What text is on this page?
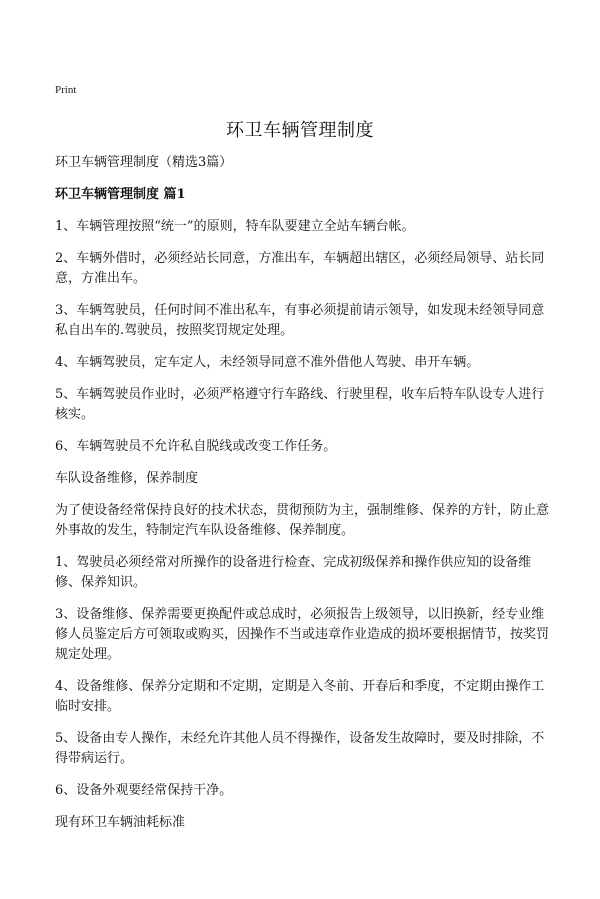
Print

环卫车辆管理制度

环卫车辆管理制度（精选3篇）

环卫车辆管理制度 篇1

1、车辆管理按照“统一”的原则，特车队要建立全站车辆台帐。

2、车辆外借时，必须经站长同意，方准出车，车辆超出辖区，必须经局领导、站长同意，方准出车。

3、车辆驾驶员，任何时间不准出私车，有事必须提前请示领导，如发现未经领导同意私自出车的.驾驶员，按照奖罚规定处理。

4、车辆驾驶员，定车定人，未经领导同意不准外借他人驾驶、串开车辆。

5、车辆驾驶员作业时，必须严格遵守行车路线、行驶里程，收车后特车队设专人进行核实。

6、车辆驾驶员不允许私自脱线或改变工作任务。

车队设备维修，保养制度

为了使设备经常保持良好的技术状态，贯彻预防为主，强制维修、保养的方针，防止意外事故的发生，特制定汽车队设备维修、保养制度。

1、驾驶员必须经常对所操作的设备进行检查、完成初级保养和操作供应知的设备维修、保养知识。

3、设备维修、保养需要更换配件或总成时，必须报告上级领导，以旧换新，经专业维修人员鉴定后方可领取或购买，因操作不当或违章作业造成的损坏要根据情节，按奖罚规定处理。

4、设备维修、保养分定期和不定期，定期是入冬前、开春后和季度，不定期由操作工临时安排。

5、设备由专人操作，未经允许其他人员不得操作，设备发生故障时，要及时排除，不得带病运行。

6、设备外观要经常保持干净。

现有环卫车辆油耗标准
